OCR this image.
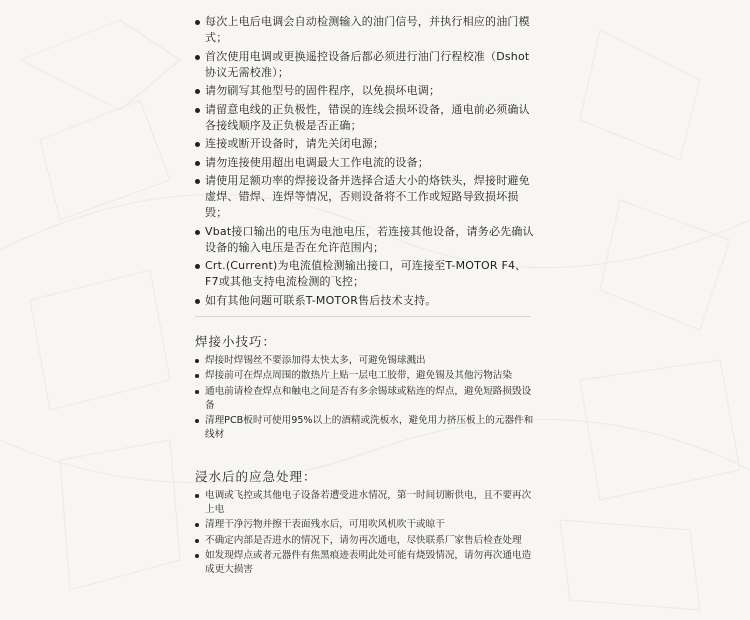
每次上电后电调会自动检测输入的油门信号，并执行相应的油门模式；
首次使用电调或更换遥控设备后都必须进行油门行程校准（Dshot协议无需校准）；
请勿刷写其他型号的固件程序，以免损坏电调；
请留意电线的正负极性，错误的连线会损坏设备，通电前必须确认各接线顺序及正负极是否正确；
连接或断开设备时，请先关闭电源；
请勿连接使用超出电调最大工作电流的设备；
请使用足额功率的焊接设备并选择合适大小的烙铁头，焊接时避免虚焊、错焊、连焊等情况，否则设备将不工作或短路导致损坏损毁；
Vbat接口输出的电压为电池电压，若连接其他设备，请务必先确认设备的输入电压是否在允许范围内；
Crt.(Current)为电流值检测输出接口，可连接至T-MOTOR F4、F7或其他支持电流检测的飞控；
如有其他问题可联系T-MOTOR售后技术支持。
焊接小技巧：
焊接时焊锡丝不要添加得太快太多，可避免锡球溅出
焊接前可在焊点周围的散热片上贴一层电工胶带，避免锡及其他污物沾染
通电前请检查焊点和触电之间是否有多余锡球或粘连的焊点，避免短路损毁设备
清理PCB板时可使用95%以上的酒精或洗板水，避免用力挤压板上的元器件和线材
浸水后的应急处理：
电调或飞控或其他电子设备若遭受进水情况，第一时间切断供电，且不要再次上电
清理干净污物并擦干表面残水后，可用吹风机吹干或晾干
不确定内部是否进水的情况下，请勿再次通电，尽快联系厂家售后检查处理
如发现焊点或者元器件有焦黑痕迹表明此处可能有烧毁情况，请勿再次通电造成更大损害
